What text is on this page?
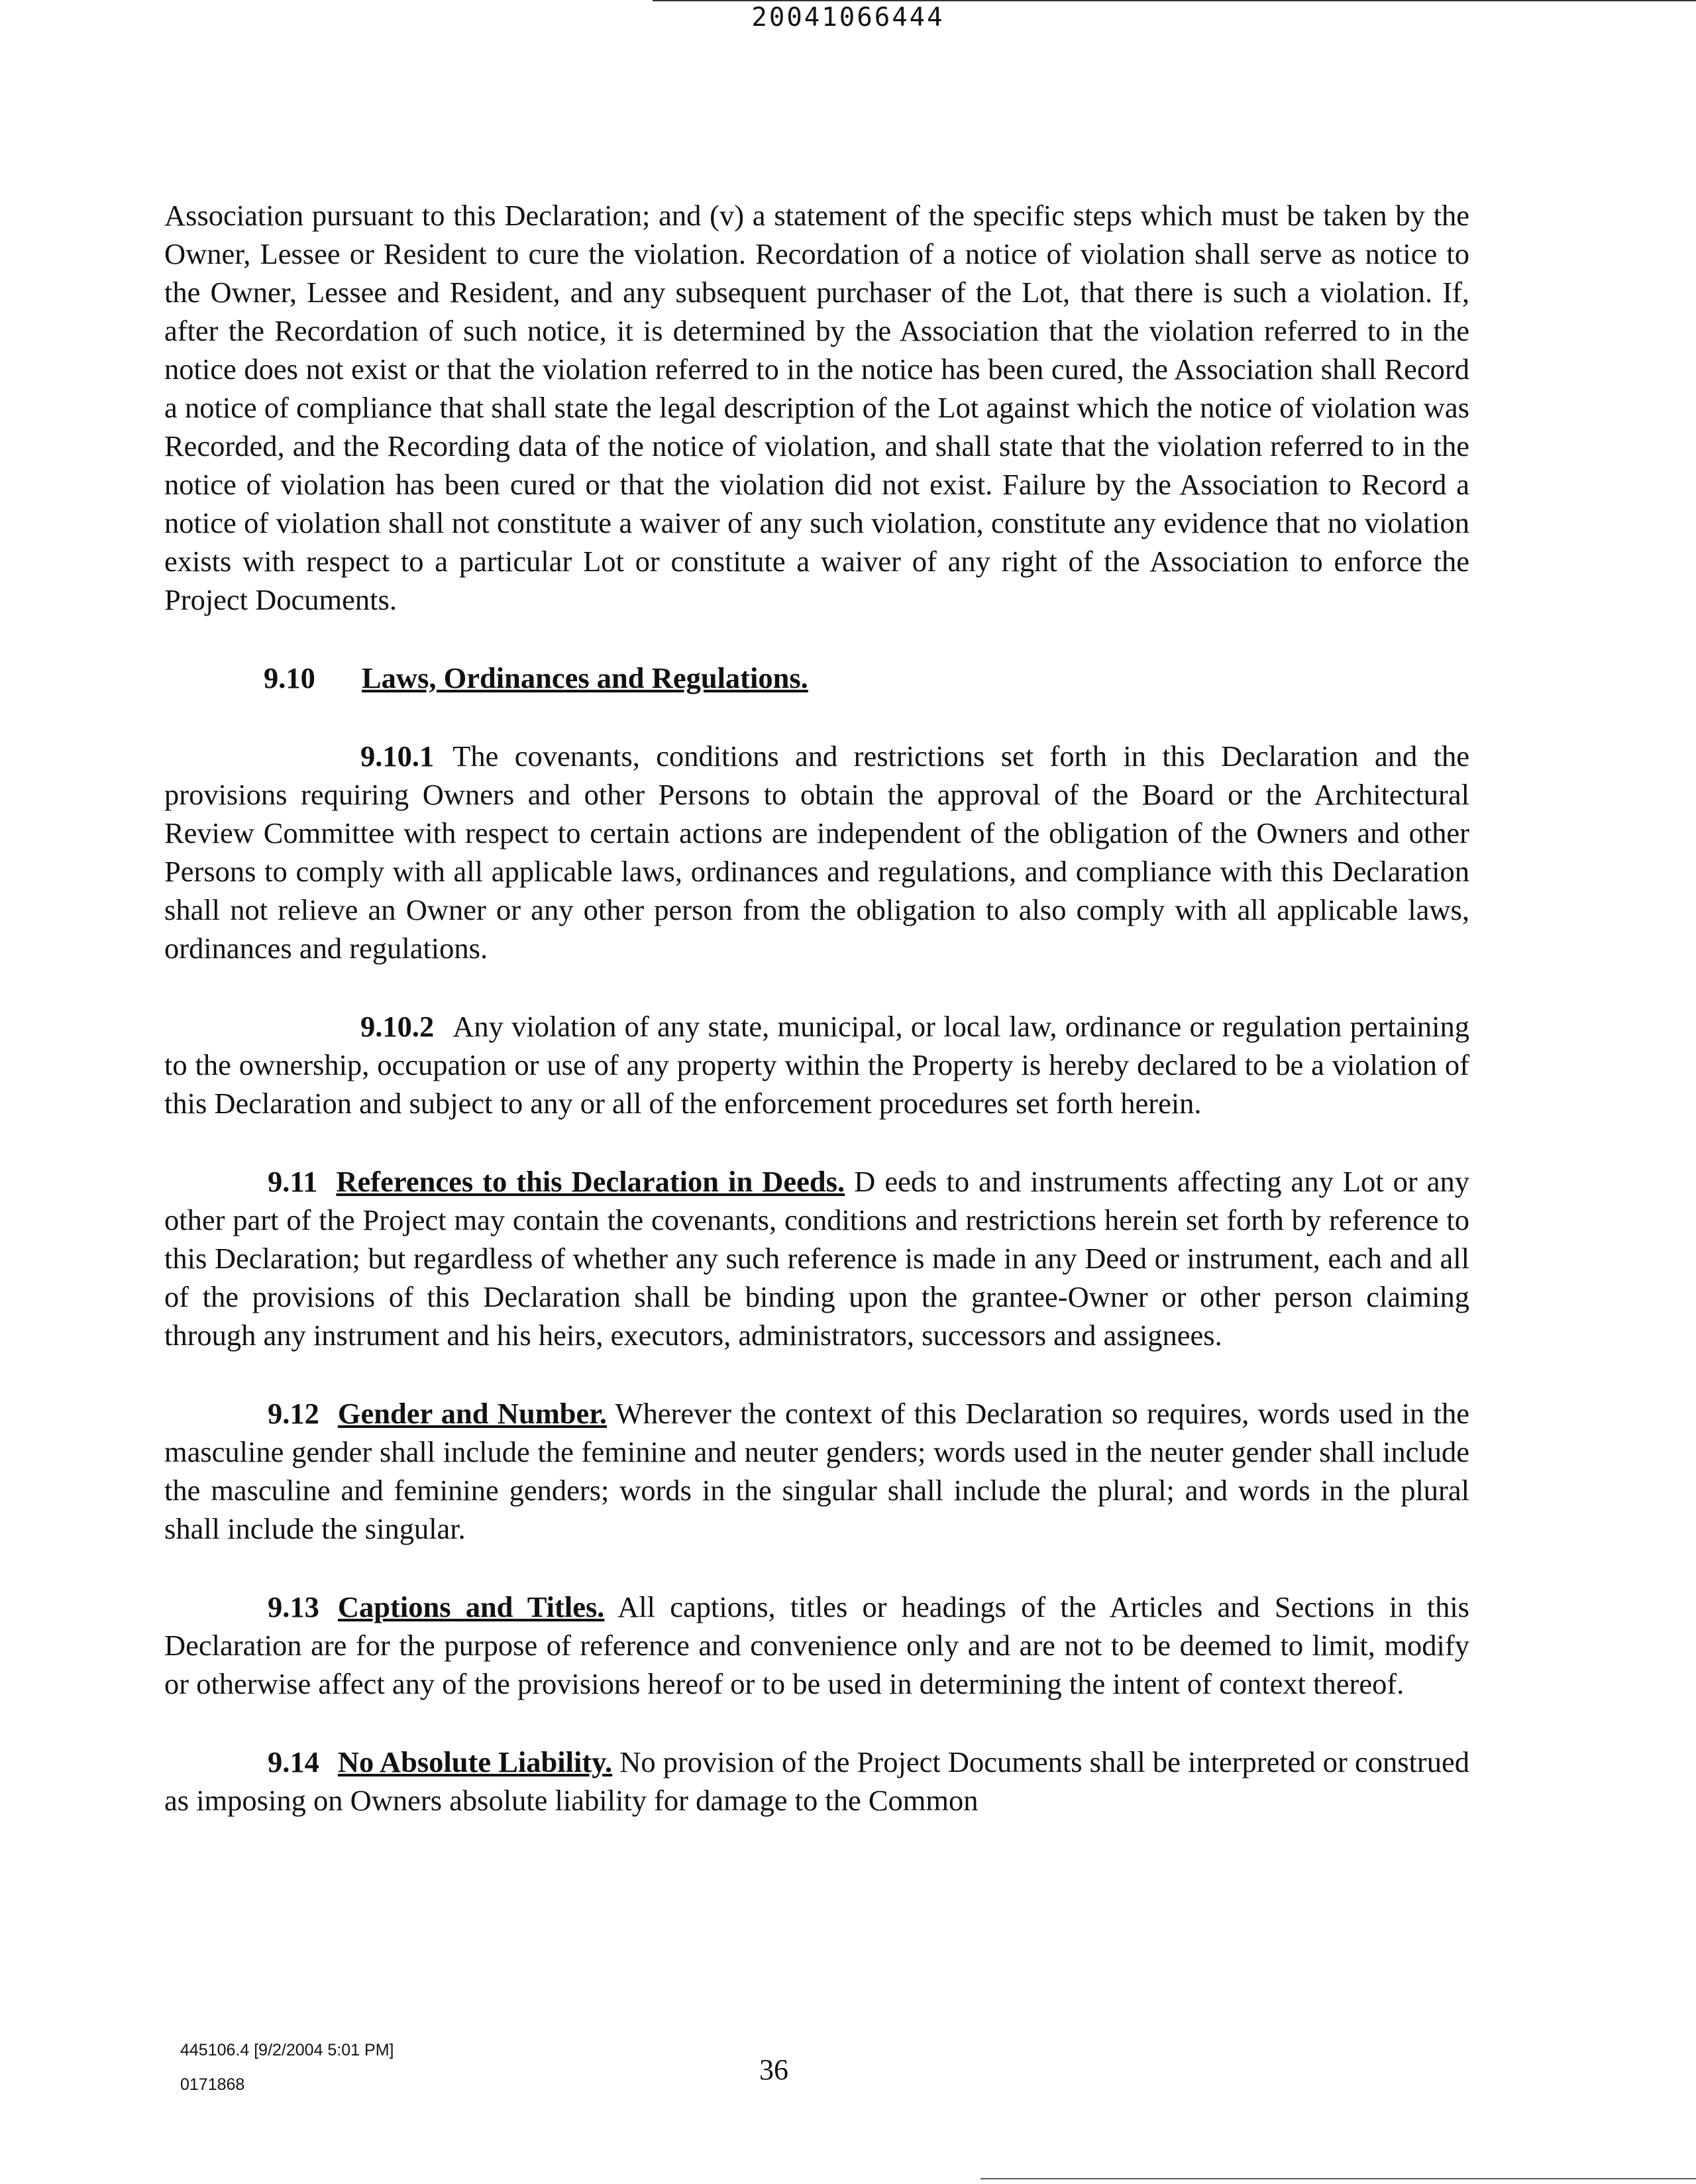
20041066444

Association pursuant to this Declaration; and (v) a statement of the specific steps which must be taken by the Owner, Lessee or Resident to cure the violation. Recordation of a notice of violation shall serve as notice to the Owner, Lessee and Resident, and any subsequent purchaser of the Lot, that there is such a violation. If, after the Recordation of such notice, it is determined by the Association that the violation referred to in the notice does not exist or that the violation referred to in the notice has been cured, the Association shall Record a notice of compliance that shall state the legal description of the Lot against which the notice of violation was Recorded, and the Recording data of the notice of violation, and shall state that the violation referred to in the notice of violation has been cured or that the violation did not exist. Failure by the Association to Record a notice of violation shall not constitute a waiver of any such violation, constitute any evidence that no violation exists with respect to a particular Lot or constitute a waiver of any right of the Association to enforce the Project Documents.

9.10 Laws, Ordinances and Regulations.

9.10.1 The covenants, conditions and restrictions set forth in this Declaration and the provisions requiring Owners and other Persons to obtain the approval of the Board or the Architectural Review Committee with respect to certain actions are independent of the obligation of the Owners and other Persons to comply with all applicable laws, ordinances and regulations, and compliance with this Declaration shall not relieve an Owner or any other person from the obligation to also comply with all applicable laws, ordinances and regulations.

9.10.2 Any violation of any state, municipal, or local law, ordinance or regulation pertaining to the ownership, occupation or use of any property within the Property is hereby declared to be a violation of this Declaration and subject to any or all of the enforcement procedures set forth herein.

9.11 References to this Declaration in Deeds. D eeds to and instruments affecting any Lot or any other part of the Project may contain the covenants, conditions and restrictions herein set forth by reference to this Declaration; but regardless of whether any such reference is made in any Deed or instrument, each and all of the provisions of this Declaration shall be binding upon the grantee-Owner or other person claiming through any instrument and his heirs, executors, administrators, successors and assignees.

9.12 Gender and Number. Wherever the context of this Declaration so requires, words used in the masculine gender shall include the feminine and neuter genders; words used in the neuter gender shall include the masculine and feminine genders; words in the singular shall include the plural; and words in the plural shall include the singular.

9.13 Captions and Titles. All captions, titles or headings of the Articles and Sections in this Declaration are for the purpose of reference and convenience only and are not to be deemed to limit, modify or otherwise affect any of the provisions hereof or to be used in determining the intent of context thereof.

9.14 No Absolute Liability. No provision of the Project Documents shall be interpreted or construed as imposing on Owners absolute liability for damage to the Common

445106.4 [9/2/2004 5:01 PM]
0171868	36
